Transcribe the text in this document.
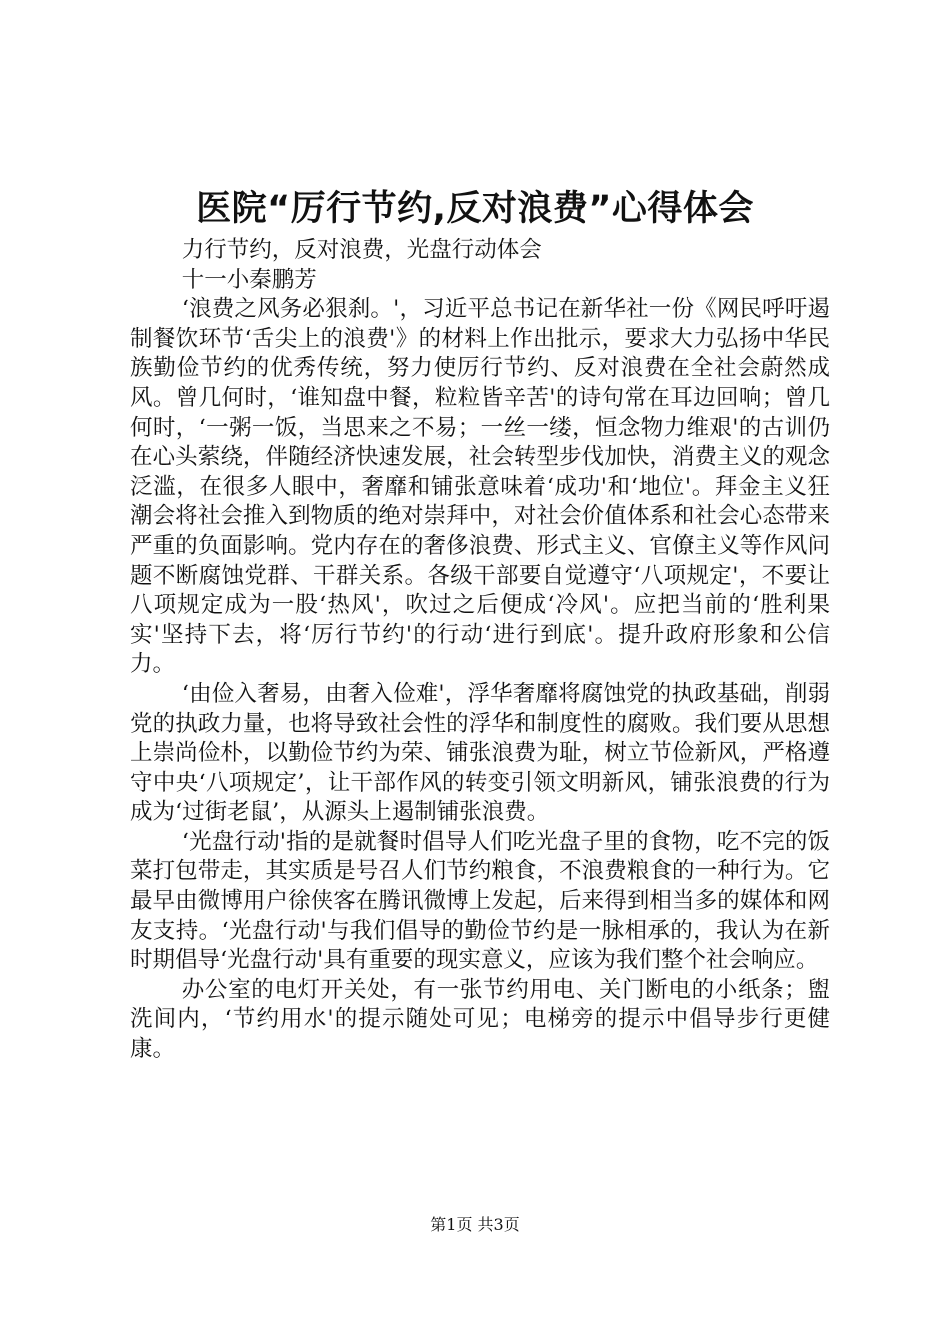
医院“厉行节约,反对浪费”心得体会

力行节约，反对浪费，光盘行动体会

十一小秦鹏芳

‘浪费之风务必狠刹。'，习近平总书记在新华社一份《网民呼吁遏制餐饮环节‘舌尖上的浪费'》的材料上作出批示，要求大力弘扬中华民族勤俭节约的优秀传统，努力使厉行节约、反对浪费在全社会蔚然成风。曾几何时，‘谁知盘中餐，粒粒皆辛苦'的诗句常在耳边回响；曾几何时，‘一粥一饭，当思来之不易；一丝一缕，恒念物力维艰'的古训仍在心头萦绕，伴随经济快速发展，社会转型步伐加快，消费主义的观念泛滥，在很多人眼中，奢靡和铺张意味着‘成功'和‘地位'。拜金主义狂潮会将社会推入到物质的绝对崇拜中，对社会价值体系和社会心态带来严重的负面影响。党内存在的奢侈浪费、形式主义、官僚主义等作风问题不断腐蚀党群、干群关系。各级干部要自觉遵守‘八项规定'，不要让八项规定成为一股‘热风'，吹过之后便成‘冷风'。应把当前的‘胜利果实'坚持下去，将‘厉行节约'的行动‘进行到底'。提升政府形象和公信力。

‘由俭入奢易，由奢入俭难'，浮华奢靡将腐蚀党的执政基础，削弱党的执政力量，也将导致社会性的浮华和制度性的腐败。我们要从思想上崇尚俭朴，以勤俭节约为荣、铺张浪费为耻，树立节俭新风，严格遵守中央‘八项规定’，让干部作风的转变引领文明新风，铺张浪费的行为成为‘过街老鼠’，从源头上遏制铺张浪费。

‘光盘行动'指的是就餐时倡导人们吃光盘子里的食物，吃不完的饭菜打包带走，其实质是号召人们节约粮食，不浪费粮食的一种行为。它最早由微博用户徐侠客在腾讯微博上发起，后来得到相当多的媒体和网友支持。‘光盘行动'与我们倡导的勤俭节约是一脉相承的，我认为在新时期倡导‘光盘行动'具有重要的现实意义，应该为我们整个社会响应。

办公室的电灯开关处，有一张节约用电、关门断电的小纸条；盥洗间内，‘节约用水'的提示随处可见；电梯旁的提示中倡导步行更健康。

第1页 共3页
